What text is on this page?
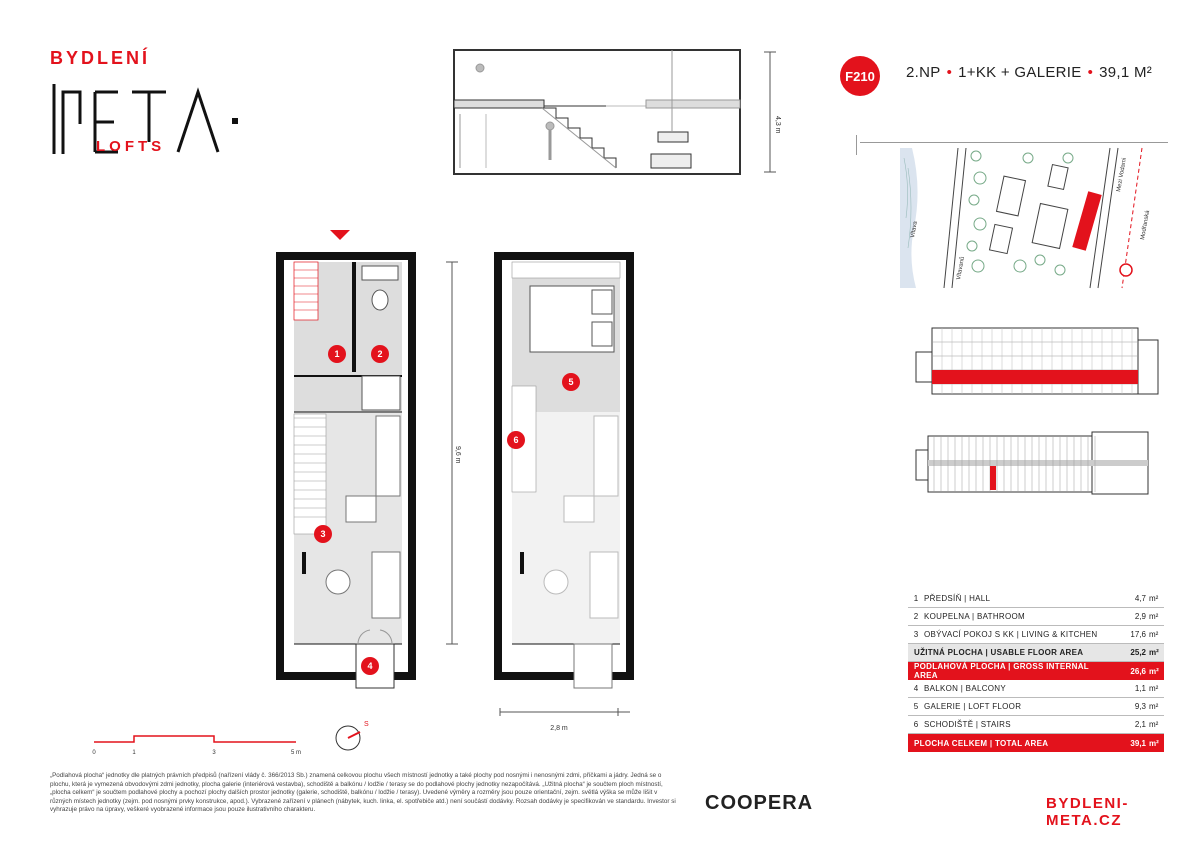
BYDLENÍ
LOFTS
4,3 m
F210	2.NP • 1+KK + GALERIE • 39,1 M²
Vltava
Vltavanů
Mezi Vodami
Modřanská
9,6 m
1	2
3
4
5
6
2,8 m
0	1	3	5 m
S
1 PŘEDSÍŇ | HALL	4,7 m²
2 KOUPELNA | BATHROOM	2,9 m²
3 OBÝVACÍ POKOJ S KK | LIVING & KITCHEN	17,6 m²
UŽITNÁ PLOCHA | USABLE FLOOR AREA	25,2 m²
PODLAHOVÁ PLOCHA | GROSS INTERNAL AREA	26,6 m²
4 BALKON | BALCONY	1,1 m²
5 GALERIE | LOFT FLOOR	9,3 m²
6 SCHODIŠTĚ | STAIRS	2,1 m²
PLOCHA CELKEM | TOTAL AREA	39,1 m²
„Podlahová plocha“ jednotky dle platných právních předpisů (nařízení vlády č. 366/2013 Sb.) znamená celkovou plochu všech místností jednotky a také plochy pod nosnými i nenosnými zdmi, příčkami a jádry. Jedná se o plochu, která je vymezená obvodovými zdmi jednotky, plocha galerie (interiérová vestavba), schodiště a balkónu / lodžie / terasy se do podlahové plochy jednotky nezapočítává. „Užitná plocha“ je součtem ploch místností, „plocha celkem“ je součtem podlahové plochy a pochozí plochy dalších prostor jednotky (galerie, schodiště, balkónu / lodžie / terasy). Uvedené výměry a rozměry jsou pouze orientační, zejm. světlá výška se může lišit v různých místech jednotky (zejm. pod nosnými prvky konstrukce, apod.). Vybrazené zařízení v plánech (nábytek, kuch. linka, el. spotřebiče atd.) není součástí dodávky. Rozsah dodávky je specifikován ve standardu. Investor si vyhrazuje právo na úpravy, veškeré vyobrazené informace jsou pouze ilustrativního charakteru.	COOPERA	BYDLENI-META.CZ
